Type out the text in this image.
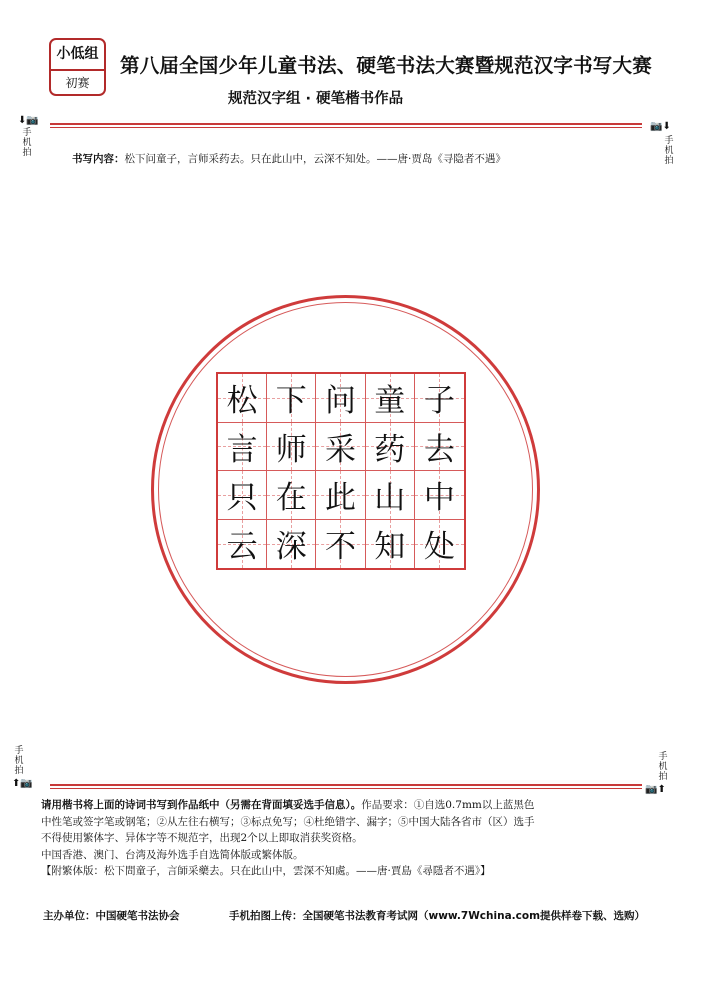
小低组
初赛
第八届全国少年儿童书法、硬笔书法大赛暨规范汉字书写大赛
规范汉字组 · 硬笔楷书作品
⬇📷
手
机
拍
📷⬇
手
机
拍
书写内容：松下问童子，言师采药去。只在此山中，云深不知处。——唐·贾岛《寻隐者不遇》
松 下 问 童 子
言 师 采 药 去
只 在 此 山 中
云 深 不 知 处
手
机
拍
⬆📷
手
机
拍
📷⬆

请用楷书将上面的诗词书写到作品纸中（另需在背面填妥选手信息）。作品要求：①自选0.7mm以上蓝黑色

中性笔或签字笔或钢笔；②从左往右横写；③标点免写；④杜绝错字、漏字；⑤中国大陆各省市（区）选手

不得使用繁体字、异体字等不规范字，出现2个以上即取消获奖资格。

中国香港、澳门、台湾及海外选手自选简体版或繁体版。

【附繁体版：松下問童子，言師采藥去。只在此山中，雲深不知處。——唐·賈島《尋隱者不遇》】

主办单位：中国硬笔书法协会	手机拍图上传：全国硬笔书法教育考试网（www.7Wchina.com提供样卷下载、选购）
